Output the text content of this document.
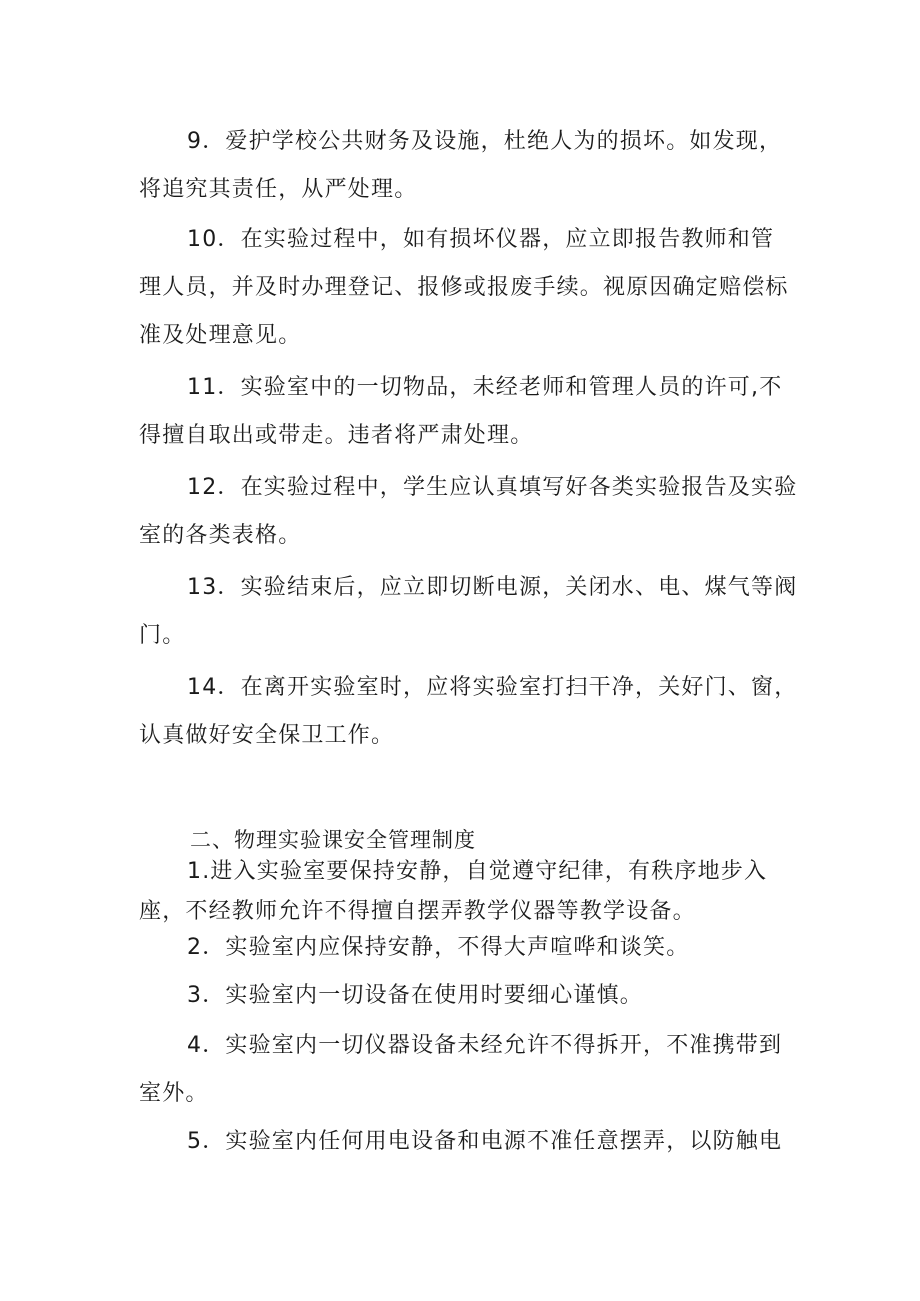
9．爱护学校公共财务及设施，杜绝人为的损坏。如发现，
将追究其责任，从严处理。
10．在实验过程中，如有损坏仪器，应立即报告教师和管
理人员，并及时办理登记、报修或报废手续。视原因确定赔偿标
准及处理意见。
11．实验室中的一切物品，未经老师和管理人员的许可,不
得擅自取出或带走。违者将严肃处理。
12．在实验过程中，学生应认真填写好各类实验报告及实验
室的各类表格。
13．实验结束后，应立即切断电源，关闭水、电、煤气等阀
门。
14．在离开实验室时，应将实验室打扫干净，关好门、窗，
认真做好安全保卫工作。
二、物理实验课安全管理制度
1.进入实验室要保持安静，自觉遵守纪律，有秩序地步入
座，不经教师允许不得擅自摆弄教学仪器等教学设备。
2．实验室内应保持安静，不得大声喧哗和谈笑。
3．实验室内一切设备在使用时要细心谨慎。
4．实验室内一切仪器设备未经允许不得拆开，不准携带到
室外。
5．实验室内任何用电设备和电源不准任意摆弄，以防触电
